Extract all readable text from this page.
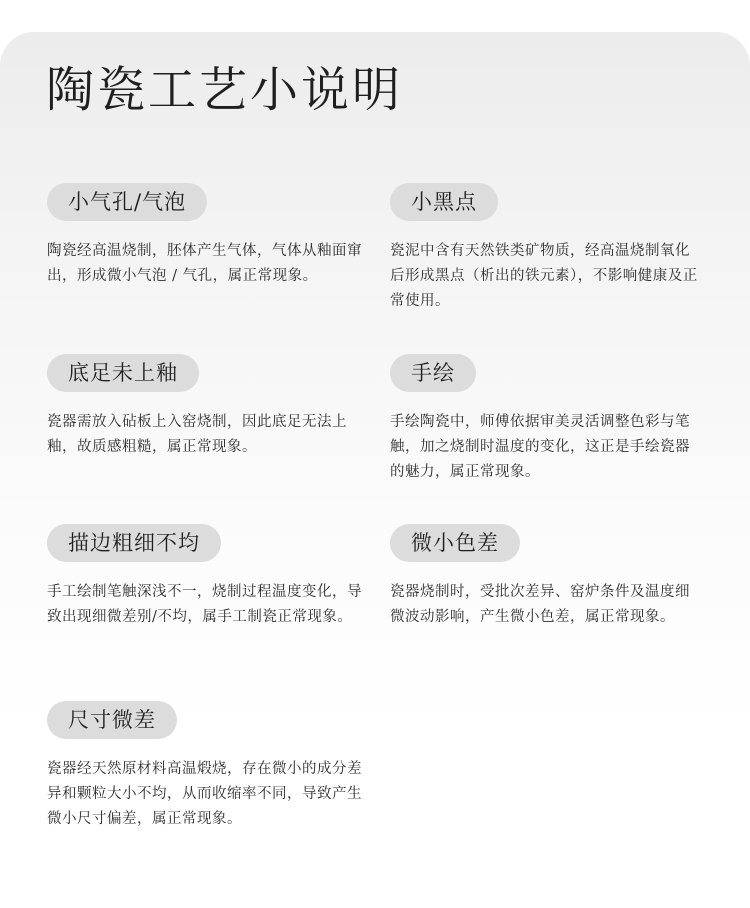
陶瓷工艺小说明
小气孔/气泡
陶瓷经高温烧制，胚体产生气体，气体从釉面窜出，形成微小气泡 / 气孔，属正常现象。
小黑点
瓷泥中含有天然铁类矿物质，经高温烧制氧化后形成黑点（析出的铁元素），不影响健康及正常使用。
底足未上釉
瓷器需放入砧板上入窑烧制，因此底足无法上釉，故质感粗糙，属正常现象。
手绘
手绘陶瓷中，师傅依据审美灵活调整色彩与笔触，加之烧制时温度的变化，这正是手绘瓷器的魅力，属正常现象。
描边粗细不均
手工绘制笔触深浅不一，烧制过程温度变化，导致出现细微差别/不均，属手工制瓷正常现象。
微小色差
瓷器烧制时，受批次差异、窑炉条件及温度细微波动影响，产生微小色差，属正常现象。
尺寸微差
瓷器经天然原材料高温煅烧，存在微小的成分差异和颗粒大小不均，从而收缩率不同，导致产生微小尺寸偏差，属正常现象。
